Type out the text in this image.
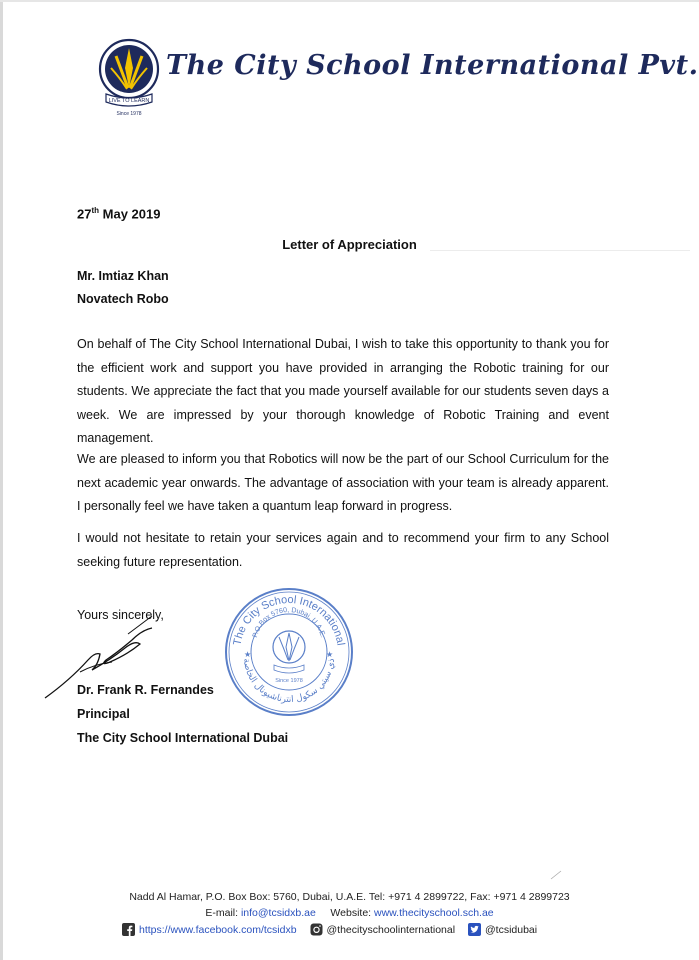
LIVE TO LEARN
Since 1978
The City School International Pvt.
27th May 2019
Letter of Appreciation
Mr. Imtiaz Khan
Novatech Robo
On behalf of The City School International Dubai, I wish to take this opportunity to thank you for the efficient work and support you have provided in arranging the Robotic training for our students. We appreciate the fact that you made yourself available for our students seven days a week. We are impressed by your thorough knowledge of Robotic Training and event management.
We are pleased to inform you that Robotics will now be the part of our School Curriculum for the next academic year onwards. The advantage of association with your team is already apparent. I personally feel we have taken a quantum leap forward in progress.
I would not hesitate to retain your services again and to recommend your firm to any School seeking future representation.
Yours sincerely,
Dr. Frank R. Fernandes
Principal
The City School International Dubai
The City School International
P.O.Box 5760, Dubai, U.A.E.
ذي سيتي سكول انترناشيونال الخاصة
Since 1978
★	★
Nadd Al Hamar, P.O. Box Box: 5760, Dubai, U.A.E. Tel: +971 4 2899722, Fax: +971 4 2899723
E-mail: info@tcsidxb.ae Website: www.thecityschool.sch.ae
https://www.facebook.com/tcsidxb
	@thecityschoolinternational
	@tcsidubai
